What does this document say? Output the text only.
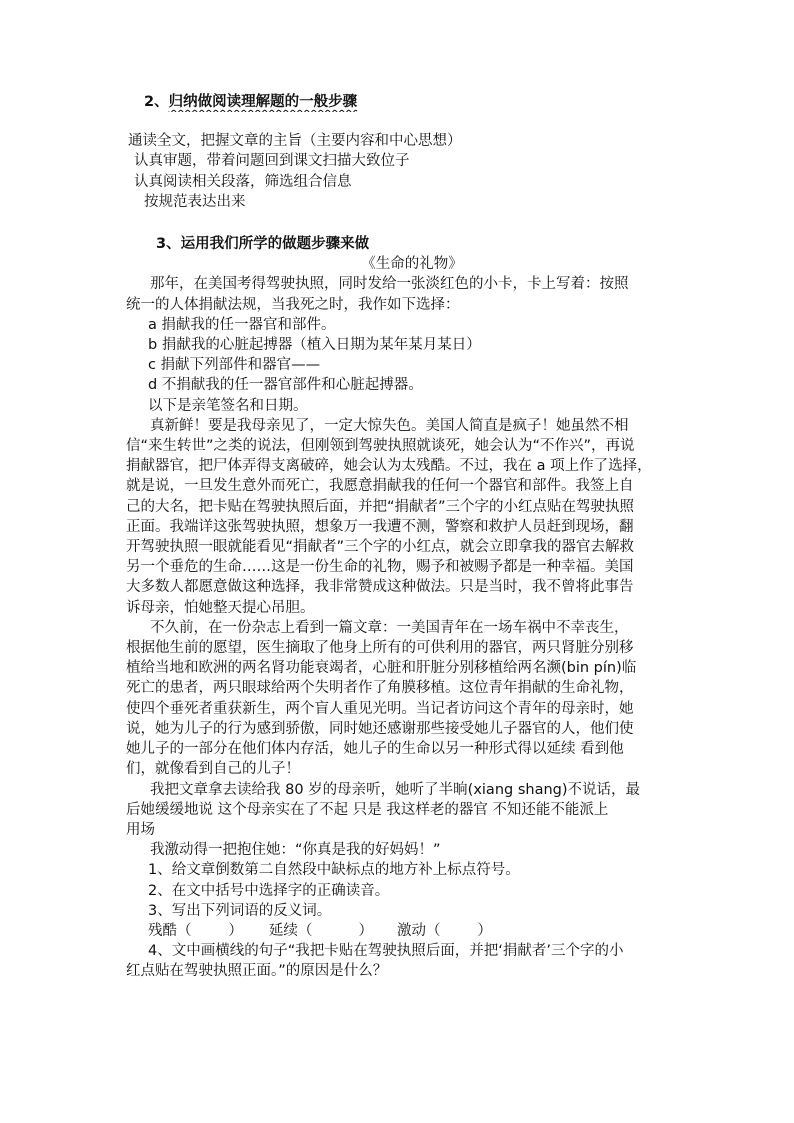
2、归纳做阅读理解题的一般步骤
通读全文，把握文章的主旨（主要内容和中心思想）
认真审题，带着问题回到课文扫描大致位子
认真阅读相关段落，筛选组合信息
按规范表达出来
3、运用我们所学的做题步骤来做
《生命的礼物》
那年，在美国考得驾驶执照，同时发给一张淡红色的小卡，卡上写着：按照
统一的人体捐献法规，当我死之时，我作如下选择：
a 捐献我的任一器官和部件。
b 捐献我的心脏起搏器（植入日期为某年某月某日）
c 捐献下列部件和器官——
d 不捐献我的任一器官部件和心脏起搏器。
以下是亲笔签名和日期。
真新鲜！要是我母亲见了，一定大惊失色。美国人简直是疯子！她虽然不相
信“来生转世”之类的说法，但刚领到驾驶执照就谈死，她会认为“不作兴”，再说
捐献器官，把尸体弄得支离破碎，她会认为太残酷。不过，我在 a 项上作了选择，
就是说，一旦发生意外而死亡，我愿意捐献我的任何一个器官和部件。我签上自
己的大名，把卡贴在驾驶执照后面，并把“捐献者”三个字的小红点贴在驾驶执照
正面。我端详这张驾驶执照，想象万一我遭不测，警察和救护人员赶到现场，翻
开驾驶执照一眼就能看见“捐献者”三个字的小红点，就会立即拿我的器官去解救
另一个垂危的生命……这是一份生命的礼物，赐予和被赐予都是一种幸福。美国
大多数人都愿意做这种选择，我非常赞成这种做法。只是当时，我不曾将此事告
诉母亲，怕她整天提心吊胆。
不久前，在一份杂志上看到一篇文章：一美国青年在一场车祸中不幸丧生，
根据他生前的愿望，医生摘取了他身上所有的可供利用的器官，两只肾脏分别移
植给当地和欧洲的两名肾功能衰竭者，心脏和肝脏分别移植给两名濒(bin pín)临
死亡的患者，两只眼球给两个失明者作了角膜移植。这位青年捐献的生命礼物，
使四个垂死者重获新生，两个盲人重见光明。当记者访问这个青年的母亲时，她
说，她为儿子的行为感到骄傲，同时她还感谢那些接受她儿子器官的人，他们使
她儿子的一部分在他们体内存活，她儿子的生命以另一种形式得以延续 看到他
们，就像看到自己的儿子！
我把文章拿去读给我 80 岁的母亲听，她听了半晌(xiang shang)不说话，最
后她缓缓地说 这个母亲实在了不起 只是 我这样老的器官 不知还能不能派上
用场
我激动得一把抱住她：“你真是我的好妈妈！”
1、给文章倒数第二自然段中缺标点的地方补上标点符号。
2、在文中括号中选择字的正确读音。
3、写出下列词语的反义词。
残酷（        ） 延续（          ） 激动（        ）
4、文中画横线的句子“我把卡贴在驾驶执照后面，并把‘捐献者’三个字的小
红点贴在驾驶执照正面。”的原因是什么？
